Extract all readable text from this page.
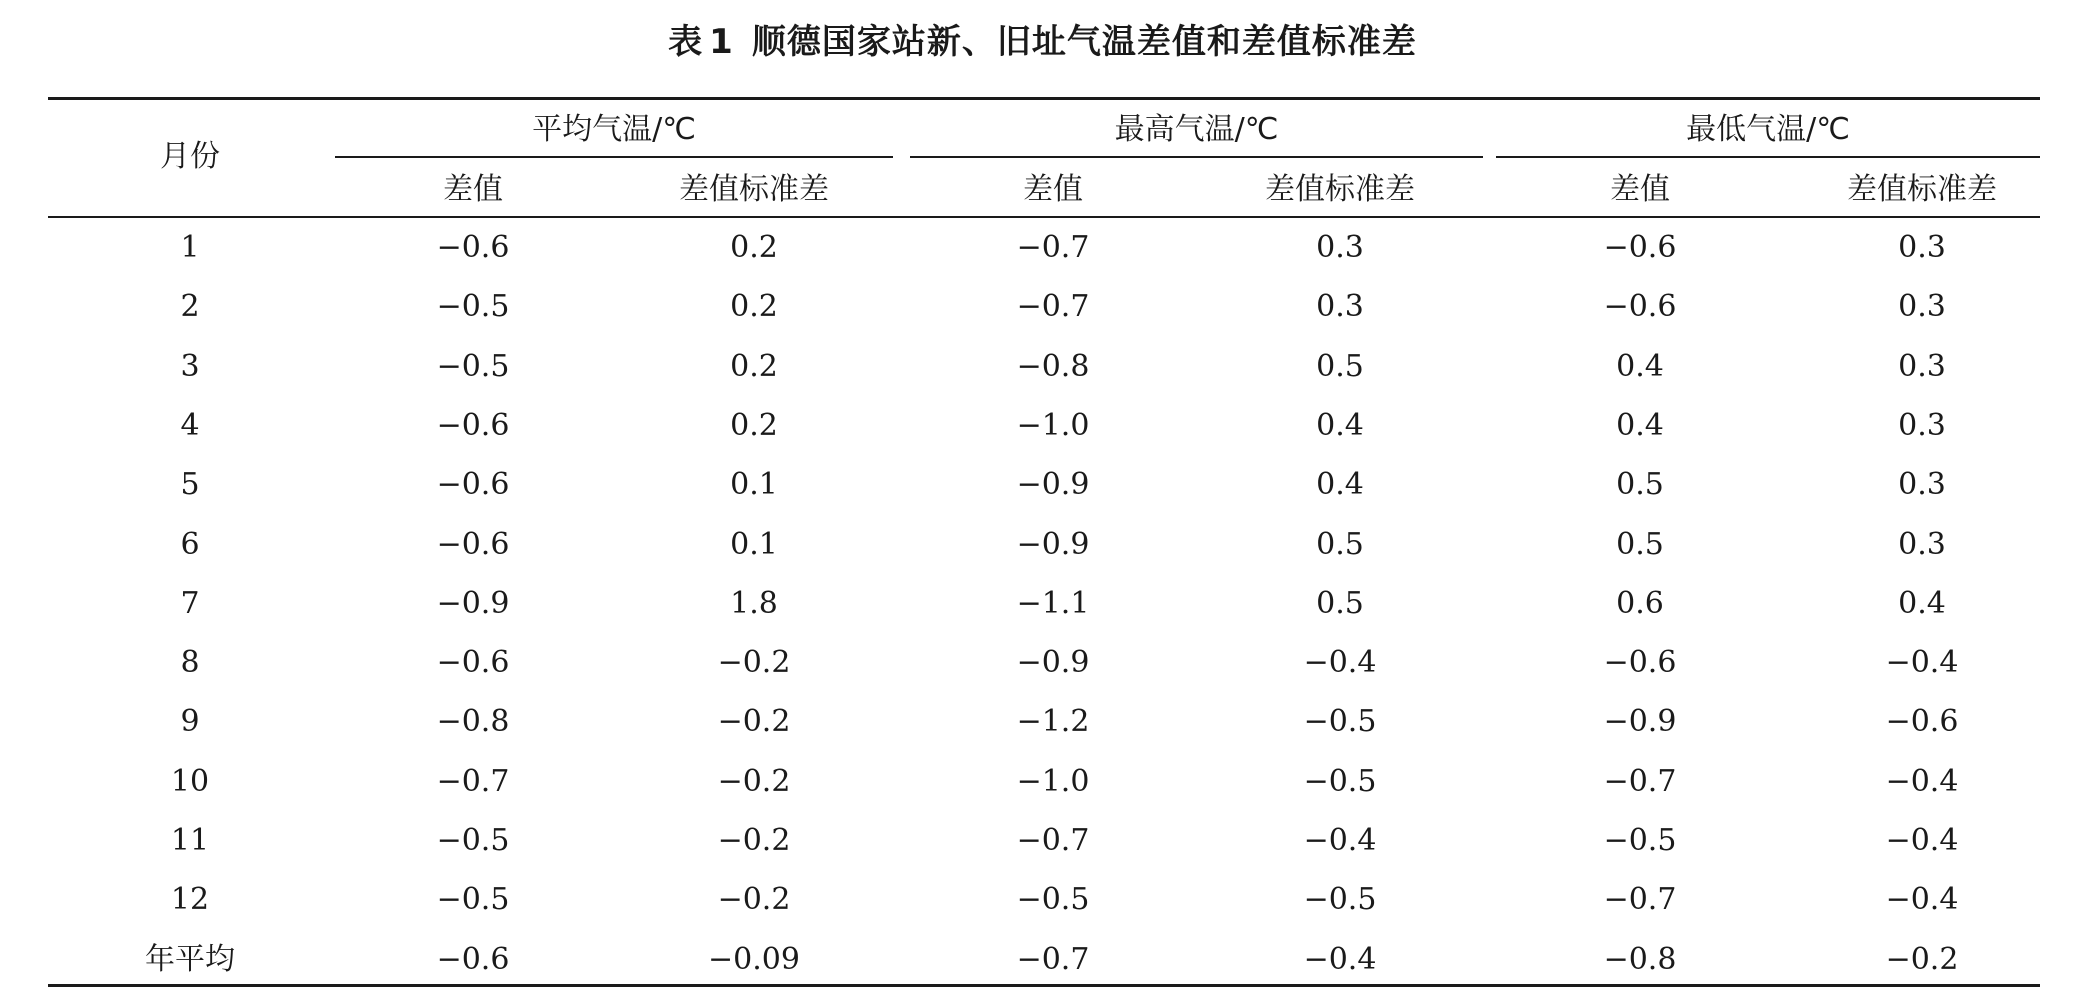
表 1 顺德国家站新、旧址气温差值和差值标准差
月份
平均气温/℃	最高气温/℃	最低气温/℃
差值	差值标准差	差值	差值标准差	差值	差值标准差
1	−0.6	0.2	−0.7	0.3	−0.6	0.3
2	−0.5	0.2	−0.7	0.3	−0.6	0.3
3	−0.5	0.2	−0.8	0.5	0.4	0.3
4	−0.6	0.2	−1.0	0.4	0.4	0.3
5	−0.6	0.1	−0.9	0.4	0.5	0.3
6	−0.6	0.1	−0.9	0.5	0.5	0.3
7	−0.9	1.8	−1.1	0.5	0.6	0.4
8	−0.6	−0.2	−0.9	−0.4	−0.6	−0.4
9	−0.8	−0.2	−1.2	−0.5	−0.9	−0.6
10	−0.7	−0.2	−1.0	−0.5	−0.7	−0.4
11	−0.5	−0.2	−0.7	−0.4	−0.5	−0.4
12	−0.5	−0.2	−0.5	−0.5	−0.7	−0.4
年平均	−0.6	−0.09	−0.7	−0.4	−0.8	−0.2
